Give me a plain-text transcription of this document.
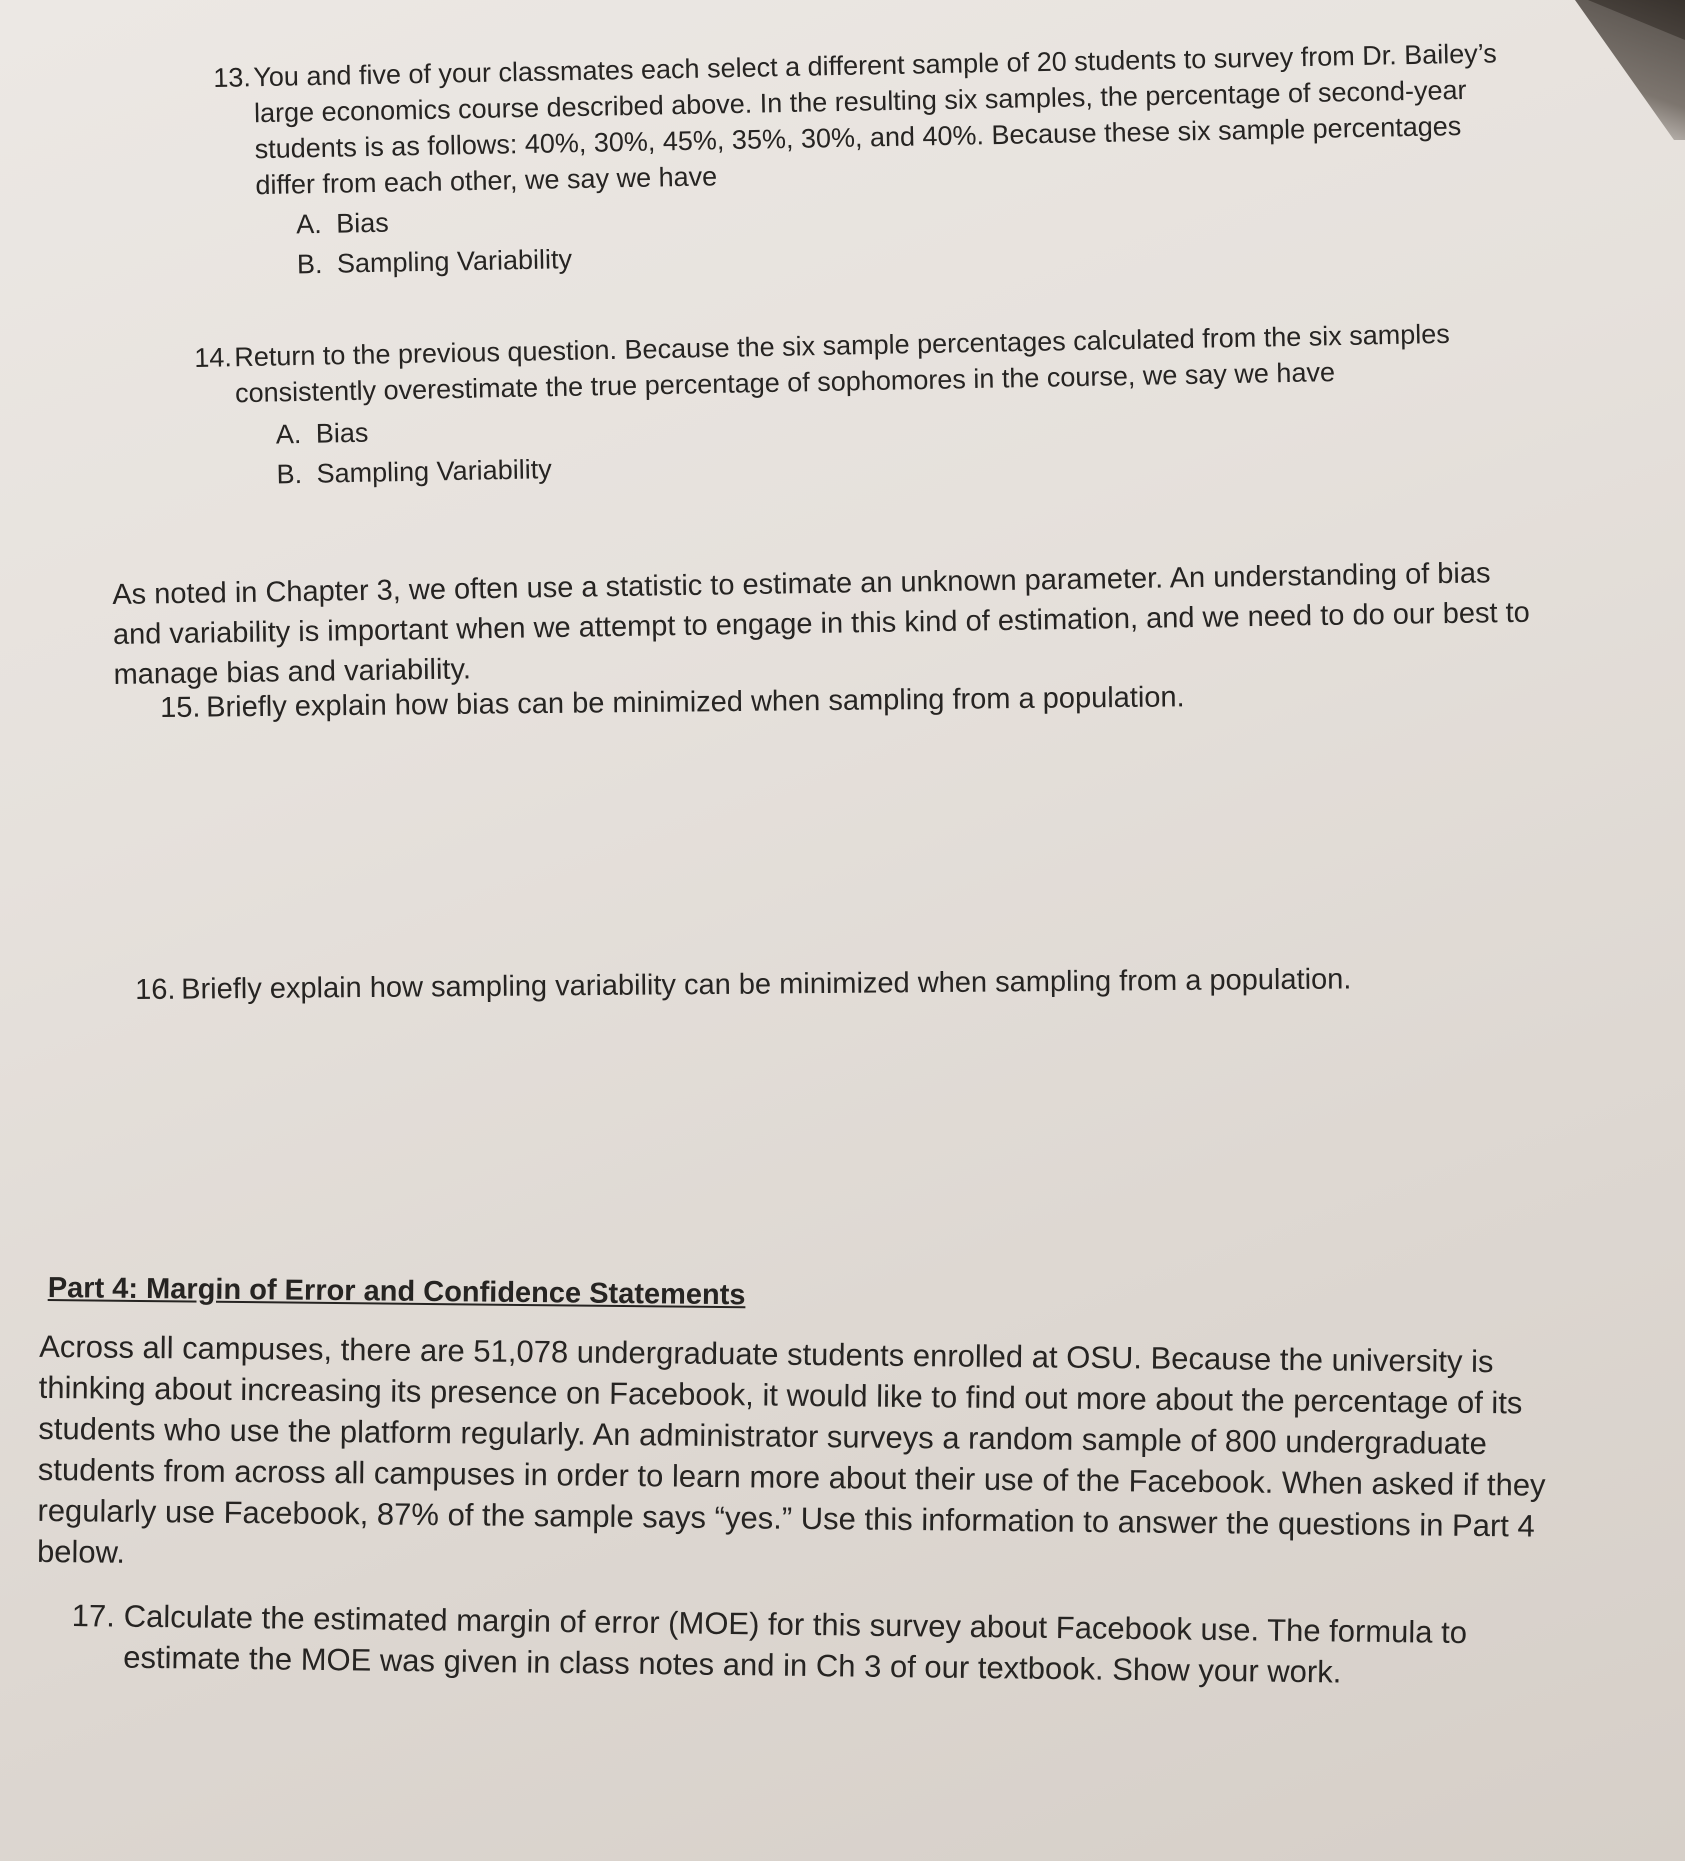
13. You and five of your classmates each select a different sample of 20 students to survey from Dr. Bailey’s large economics course described above. In the resulting six samples, the percentage of second-year students is as follows: 40%, 30%, 45%, 35%, 30%, and 40%. Because these six sample percentages differ from each other, we say we have
A. Bias
B. Sampling Variability
14. Return to the previous question. Because the six sample percentages calculated from the six samples consistently overestimate the true percentage of sophomores in the course, we say we have
A. Bias
B. Sampling Variability
As noted in Chapter 3, we often use a statistic to estimate an unknown parameter. An understanding of bias and variability is important when we attempt to engage in this kind of estimation, and we need to do our best to manage bias and variability.
15. Briefly explain how bias can be minimized when sampling from a population.
16. Briefly explain how sampling variability can be minimized when sampling from a population.
Part 4: Margin of Error and Confidence Statements
Across all campuses, there are 51,078 undergraduate students enrolled at OSU. Because the university is thinking about increasing its presence on Facebook, it would like to find out more about the percentage of its students who use the platform regularly. An administrator surveys a random sample of 800 undergraduate students from across all campuses in order to learn more about their use of the Facebook. When asked if they regularly use Facebook, 87% of the sample says “yes.” Use this information to answer the questions in Part 4 below.
17. Calculate the estimated margin of error (MOE) for this survey about Facebook use. The formula to estimate the MOE was given in class notes and in Ch 3 of our textbook. Show your work.
